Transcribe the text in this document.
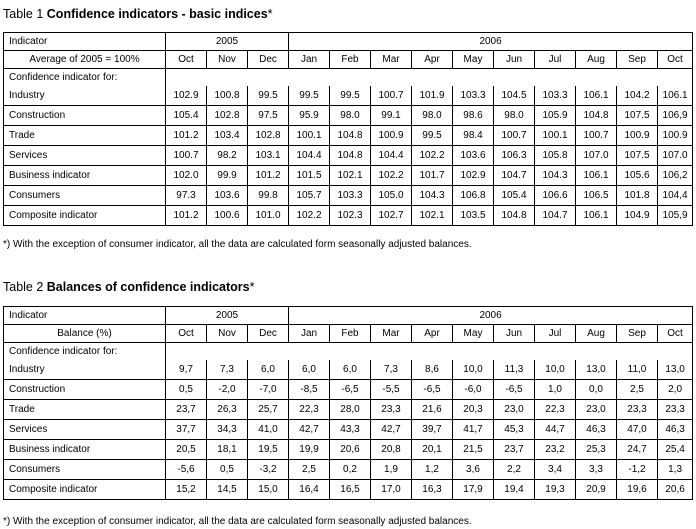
Table 1 Confidence indicators - basic indices*
Indicator	2005			2006									
Average of 2005 = 100%	Oct	Nov	Dec	Jan	Feb	Mar	Apr	May	Jun	Jul	Aug	Sep	Oct
Confidence indicator for:													
Industry	102.9	100.8	99.5	99.5	99.5	100.7	101.9	103.3	104.5	103.3	106.1	104.2	106.1
Construction	105.4	102.8	97.5	95.9	98.0	99.1	98.0	98.6	98.0	105.9	104.8	107.5	106,9
Trade	101.2	103.4	102.8	100.1	104.8	100.9	99.5	98.4	100.7	100.1	100.7	100.9	100.9
Services	100.7	98.2	103.1	104.4	104.8	104.4	102.2	103.6	106.3	105.8	107.0	107.5	107.0
Business indicator	102.0	99.9	101.2	101.5	102.1	102.2	101.7	102.9	104.7	104.3	106.1	105.6	106,2
Consumers	97.3	103.6	99.8	105.7	103.3	105.0	104.3	106.8	105.4	106.6	106.5	101.8	104,4
Composite indicator	101.2	100.6	101.0	102.2	102.3	102.7	102.1	103.5	104.8	104.7	106.1	104.9	105,9
*) With the exception of consumer indicator, all the data are calculated form seasonally adjusted balances.
Table 2 Balances of confidence indicators*
Indicator	2005			2006									
Balance (%)	Oct	Nov	Dec	Jan	Feb	Mar	Apr	May	Jun	Jul	Aug	Sep	Oct
Confidence indicator for:													
Industry	9,7	7,3	6,0	6,0	6,0	7,3	8,6	10,0	11,3	10,0	13,0	11,0	13,0
Construction	0,5	-2,0	-7,0	-8,5	-6,5	-5,5	-6,5	-6,0	-6,5	1,0	0,0	2,5	2,0
Trade	23,7	26,3	25,7	22,3	28,0	23,3	21,6	20,3	23,0	22,3	23,0	23,3	23,3
Services	37,7	34,3	41,0	42,7	43,3	42,7	39,7	41,7	45,3	44,7	46,3	47,0	46,3
Business indicator	20,5	18,1	19,5	19,9	20,6	20,8	20,1	21,5	23,7	23,2	25,3	24,7	25,4
Consumers	-5,6	0,5	-3,2	2,5	0,2	1,9	1,2	3,6	2,2	3,4	3,3	-1,2	1,3
Composite indicator	15,2	14,5	15,0	16,4	16,5	17,0	16,3	17,9	19,4	19,3	20,9	19,6	20,6
*) With the exception of consumer indicator, all the data are calculated form seasonally adjusted balances.
